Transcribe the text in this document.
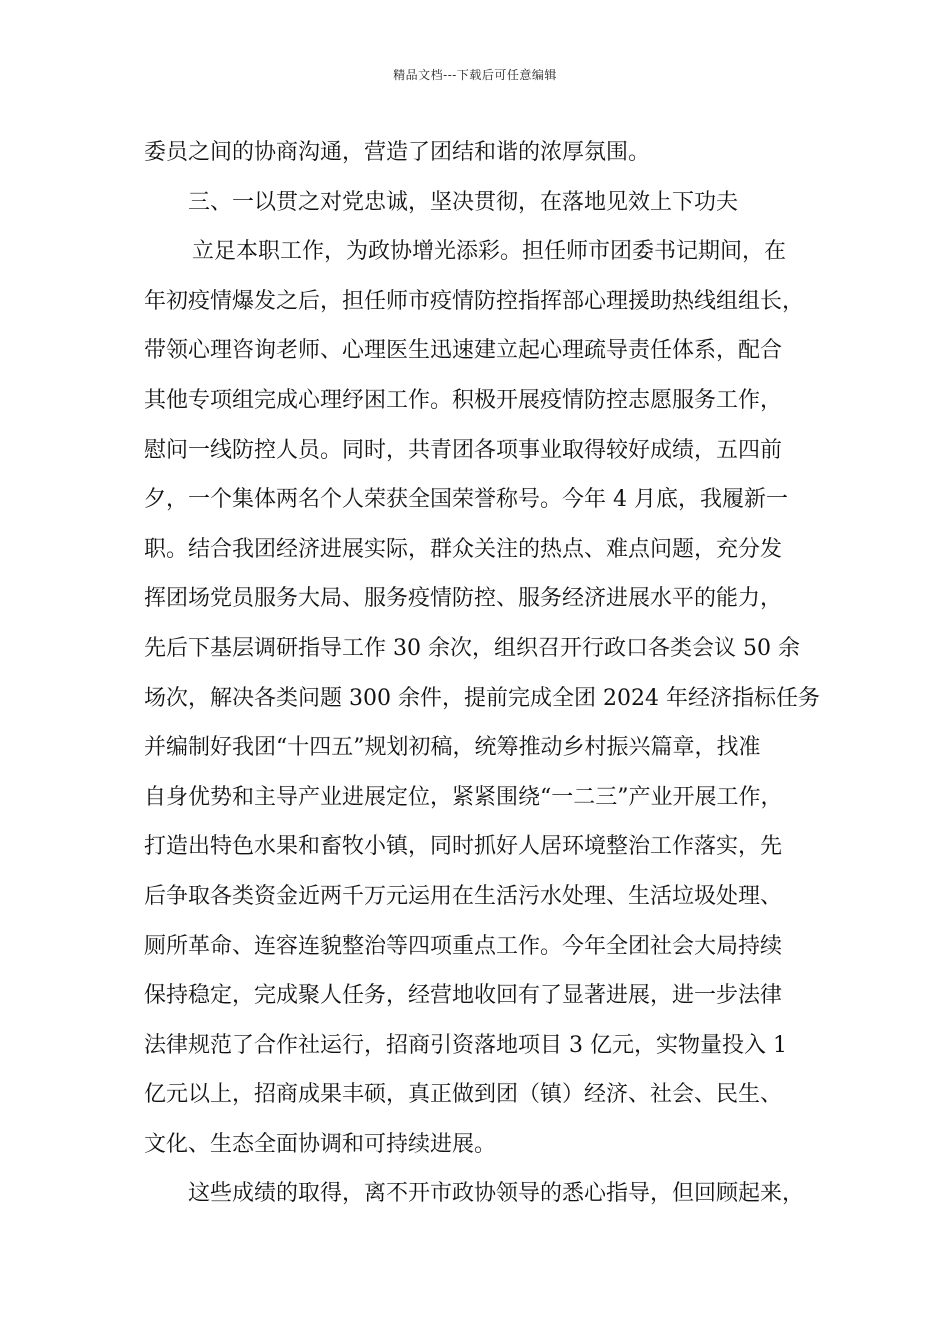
精品文档---下载后可任意编辑
委员之间的协商沟通，营造了团结和谐的浓厚氛围。
三、一以贯之对党忠诚，坚决贯彻，在落地见效上下功夫
立足本职工作，为政协增光添彩。担任师市团委书记期间，在
年初疫情爆发之后，担任师市疫情防控指挥部心理援助热线组组长，
带领心理咨询老师、心理医生迅速建立起心理疏导责任体系，配合
其他专项组完成心理纾困工作。积极开展疫情防控志愿服务工作，
慰问一线防控人员。同时，共青团各项事业取得较好成绩，五四前
夕，一个集体两名个人荣获全国荣誉称号。今年 4 月底，我履新一
职。结合我团经济进展实际，群众关注的热点、难点问题，充分发
挥团场党员服务大局、服务疫情防控、服务经济进展水平的能力，
先后下基层调研指导工作 30 余次，组织召开行政口各类会议 50 余
场次，解决各类问题 300 余件，提前完成全团 2024 年经济指标任务
并编制好我团“十四五”规划初稿，统筹推动乡村振兴篇章，找准
自身优势和主导产业进展定位，紧紧围绕“一二三”产业开展工作，
打造出特色水果和畜牧小镇，同时抓好人居环境整治工作落实，先
后争取各类资金近两千万元运用在生活污水处理、生活垃圾处理、
厕所革命、连容连貌整治等四项重点工作。今年全团社会大局持续
保持稳定，完成聚人任务，经营地收回有了显著进展，进一步法律
法律规范了合作社运行，招商引资落地项目 3 亿元，实物量投入 1
亿元以上，招商成果丰硕，真正做到团（镇）经济、社会、民生、
文化、生态全面协调和可持续进展。
这些成绩的取得，离不开市政协领导的悉心指导，但回顾起来，
